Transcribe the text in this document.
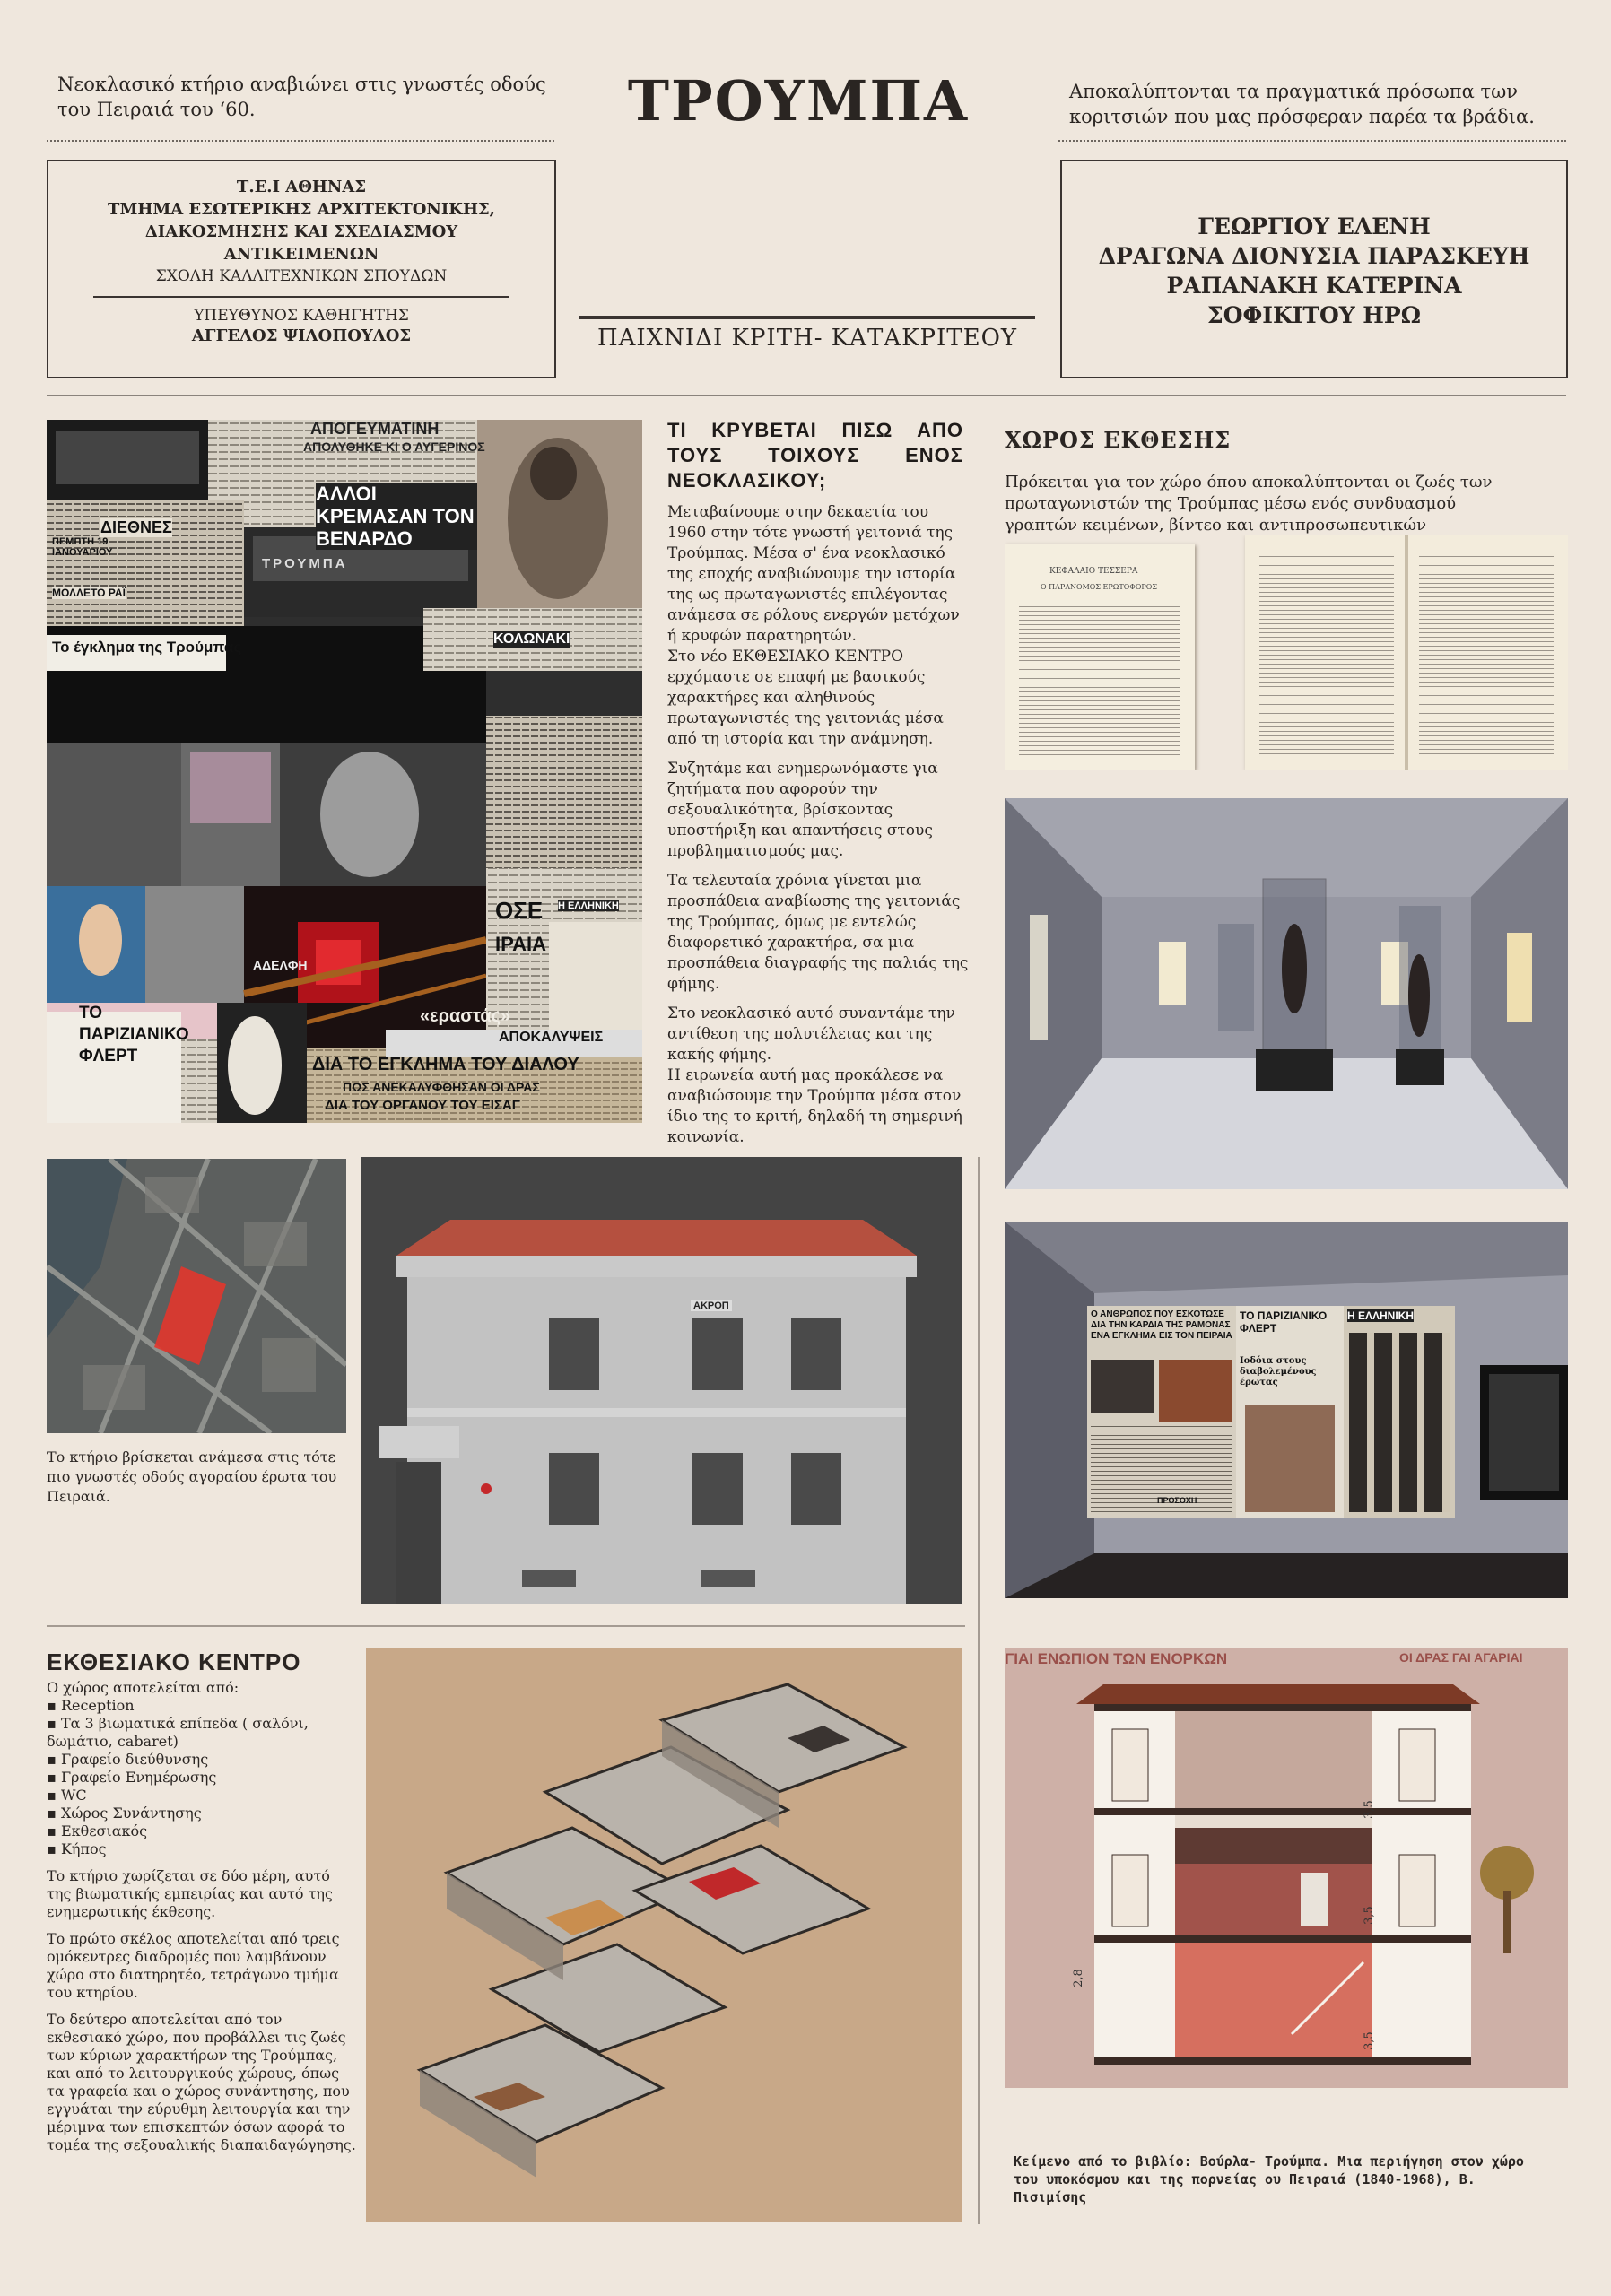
Νεοκλασικό κτήριο αναβιώνει στις γνωστές οδούς του Πειραιά του ‘60.	ΤΡΟΥΜΠΑ	Αποκαλύπτονται τα πραγματικά πρόσωπα των κοριτσιών που μας πρόσφεραν παρέα τα βράδια.
Τ.Ε.Ι ΑΘΗΝΑΣ
ΤΜΗΜΑ ΕΣΩΤΕΡΙΚΗΣ ΑΡΧΙΤΕΚΤΟΝΙΚΗΣ,
ΔΙΑΚΟΣΜΗΣΗΣ ΚΑΙ ΣΧΕΔΙΑΣΜΟΥ
ΑΝΤΙΚΕΙΜΕΝΩΝ
ΣΧΟΛΗ ΚΑΛΛΙΤΕΧΝΙΚΩΝ ΣΠΟΥΔΩΝ
ΥΠΕΥΘΥΝΟΣ ΚΑΘΗΓΗΤΗΣ
ΑΓΓΕΛΟΣ ΨΙΛΟΠΟΥΛΟΣ	ΠΑΙΧΝΙΔΙ ΚΡΙΤΗ- ΚΑΤΑΚΡΙΤΕΟΥ
ΓΕΩΡΓΙΟΥ ΕΛΕΝΗ
ΔΡΑΓΩΝΑ ΔΙΟΝΥΣΙΑ ΠΑΡΑΣΚΕΥΗ
ΡΑΠΑΝΑΚΗ ΚΑΤΕΡΙΝΑ
ΣΟΦΙΚΙΤΟΥ ΗΡΩ
ΑΠΟΓΕΥΜΑΤΙΝΗ
ΑΠΟΛΥΘΗΚΕ ΚΙ Ο ΑΥΓΕΡΙΝΟΣ
ΑΛΛΟΙ ΚΡΕΜΑΣΑΝ ΤΟΝ ΒΕΝΑΡΔΟ
ΔΙΕΘΝΕΣ
ΠΕΜΠΤΗ 19 ΙΑΝΟΥΑΡΙΟΥ
ΜΟΛΛΕΤΟ ΡΑΪ
Το έγκλημα της Τρούμπας	ΚΟΛΩΝΑΚΙ
ΤΡΟΥΜΠΑ
ΟΣΕ
ΙΡΑΙΑ
Η ΕΛΛΗΝΙΚΗ
«εραστάς»
ΑΔΕΛΦΗ
ΤΟ ΠΑΡΙΖΙΑΝΙΚΟ ΦΛΕΡΤ
ΑΠΟΚΑΛΥΨΕΙΣ
ΔΙΑ ΤΟ ΕΓΚΛΗΜΑ ΤΟΥ ΔΙΑΛΟΥ
ΠΩΣ ΑΝΕΚΑΛΥΦΘΗΣΑΝ ΟΙ ΔΡΑΣ
ΔΙΑ ΤΟΥ ΟΡΓΑΝΟΥ ΤΟΥ ΕΙΣΑΓ
ΤΙ ΚΡΥΒΕΤΑΙ ΠΙΣΩ ΑΠΟ ΤΟΥΣ ΤΟΙΧΟΥΣ ΕΝΟΣ ΝΕΟΚΛΑΣΙΚΟΥ;

Μεταβαίνουμε στην δεκαετία του 1960 στην τότε γνωστή γειτονιά της Τρούμπας. Μέσα σ' ένα νεοκλασικό της εποχής αναβιώνουμε την ιστορία της ως πρωταγωνιστές επιλέγοντας ανάμεσα σε ρόλους ενεργών μετόχων ή κρυφών παρατηρητών.

Στο νέο ΕΚΘΕΣΙΑΚΟ ΚΕΝΤΡΟ ερχόμαστε σε επαφή με βασικούς χαρακτήρες και αληθινούς πρωταγωνιστές της γειτονιάς μέσα από τη ιστορία και την ανάμνηση.

Συζητάμε και ενημερωνόμαστε για ζητήματα που αφορούν την σεξουαλικότητα, βρίσκοντας υποστήριξη και απαντήσεις στους προβληματισμούς μας.

Τα τελευταία χρόνια γίνεται μια προσπάθεια αναβίωσης της γειτονιάς της Τρούμπας, όμως με εντελώς διαφορετικό χαρακτήρα, σα μια προσπάθεια διαγραφής της παλιάς της φήμης.

Στο νεοκλασικό αυτό συναντάμε την αντίθεση της πολυτέλειας και της κακής φήμης.

Η ειρωνεία αυτή μας προκάλεσε να αναβιώσουμε την Τρούμπα μέσα στον ίδιο της το κριτή, δηλαδή τη σημερινή κοινωνία.

ΧΩΡΟΣ ΕΚΘΕΣΗΣ
Πρόκειται για τον χώρο όπου αποκαλύπτονται οι ζωές των πρωταγωνιστών της Τρούμπας μέσω ενός συνδυασμού γραπτών κειμένων, βίντεο και αντιπροσωπευτικών
ΚΕΦΑΛΑΙΟ ΤΕΣΣΕΡΑ
Ο ΠΑΡΑΝΟΜΟΣ ΕΡΩΤΟΦΟΡΟΣ
Ο ΑΝΘΡΩΠΟΣ ΠΟΥ ΕΣΚΟΤΩΣΕ ΔΙΑ ΤΗΝ ΚΑΡΔΙΑ ΤΗΣ ΡΑΜΟΝΑΣ ΕΝΑ ΕΓΚΛΗΜΑ ΕΙΣ ΤΟΝ ΠΕΙΡΑΙΑ
ΤΟ ΠΑΡΙΖΙΑΝΙΚΟ ΦΛΕΡΤ
Ιοδόια στους διαβολεμένους έρωτας
Η ΕΛΛΗΝΙΚΗ
ΠΡΟΣΟΧΗ
Το κτήριο βρίσκεται ανάμεσα στις τότε πιο γνωστές οδούς αγοραίου έρωτα του Πειραιά.
ΑΚΡΟΠ
ΕΚΘΕΣΙΑΚΟ ΚΕΝΤΡΟ
Ο χώρος αποτελείται από:
▪ Reception
▪ Τα 3 βιωματικά επίπεδα ( σαλόνι, δωμάτιο, cabaret)
▪ Γραφείο διεύθυνσης
▪ Γραφείο Ενημέρωσης
▪ WC
▪ Χώρος Συνάντησης
▪ Εκθεσιακός
▪ Κήπος

Το κτήριο χωρίζεται σε δύο μέρη, αυτό της βιωματικής εμπειρίας και αυτό της ενημερωτικής έκθεσης.

Το πρώτο σκέλος αποτελείται από τρεις ομόκεντρες διαδρομές που λαμβάνουν χώρο στο διατηρητέο, τετράγωνο τμήμα του κτηρίου.

Το δεύτερο αποτελείται από τον εκθεσιακό χώρο, που προβάλλει τις ζωές των κύριων χαρακτήρων της Τρούμπας, και από το λειτουργικούς χώρους, όπως τα γραφεία και ο χώρος συνάντησης, που εγγυάται την εύρυθμη λειτουργία και την μέριμνα των επισκεπτών όσων αφορά το τομέα της σεξουαλικής διαπαιδαγώγησης.

ΓΙΑΙ ΕΝΩΠΙΟΝ ΤΩΝ ΕΝΟΡΚΩΝ	ΟΙ ΔΡΑΣ ΓΑΙ ΑΓΑΡΙΑΙ
3,5
3,5
2,8
3,5
Κείμενο από το βιβλίο: Βούρλα- Τρούμπα. Μια περιήγηση στον χώρο του υποκόσμου και της πορνείας ου Πειραιά (1840-1968), Β. Πισιμίσης
